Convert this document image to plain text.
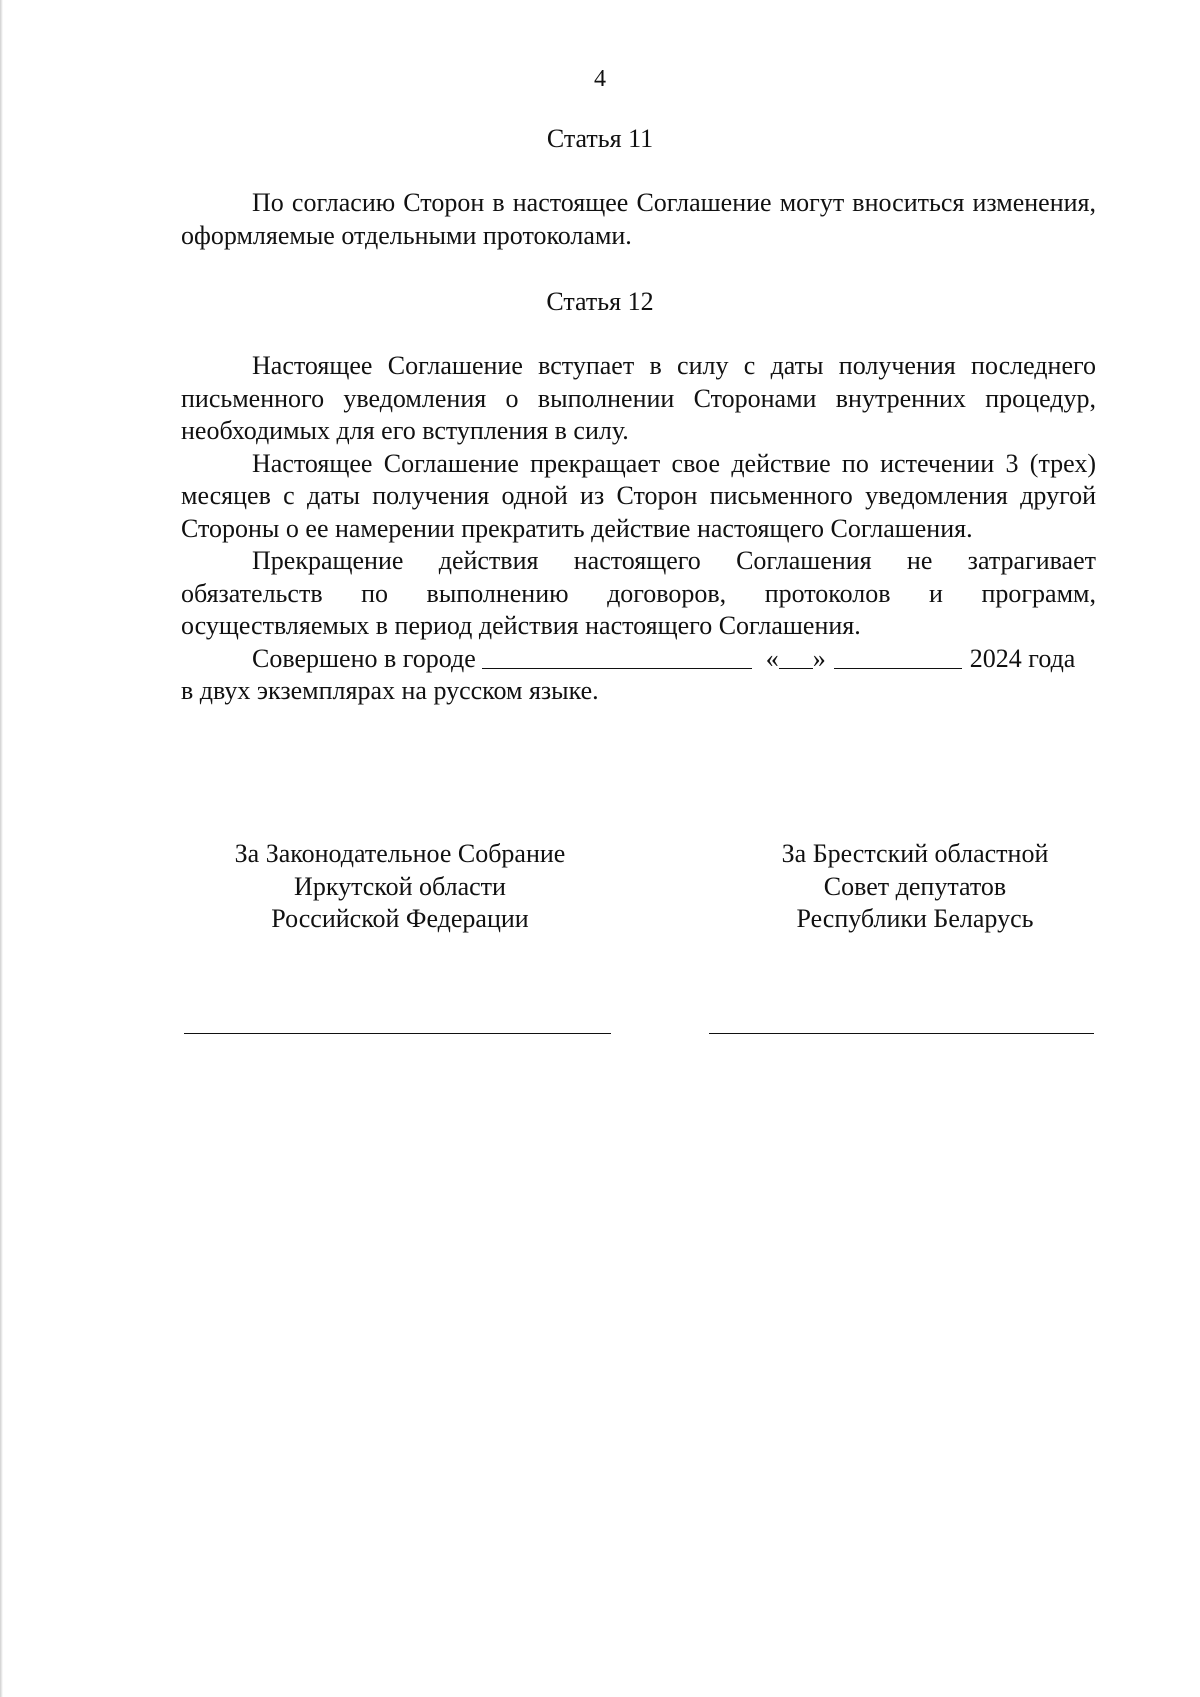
4
Статья 11

По согласию Сторон в настоящее Соглашение могут вноситься изменения, оформляемые отдельными протоколами.

Статья 12

Настоящее Соглашение вступает в силу с даты получения последнего письменного уведомления о выполнении Сторонами внутренних процедур, необходимых для его вступления в силу.

Настоящее Соглашение прекращает свое действие по истечении 3 (трех) месяцев с даты получения одной из Сторон письменного уведомления другой Стороны о ее намерении прекратить действие настоящего Соглашения.

Прекращение действия настоящего Соглашения не затрагивает обязательств по выполнению договоров, протоколов и программ, осуществляемых в период действия настоящего Соглашения.

Совершено в городе	« »	2024 года

в двух экземплярах на русском языке.

За Законодательное Собрание
Иркутской области
Российской Федерации
За Брестский областной
Совет депутатов
Республики Беларусь
